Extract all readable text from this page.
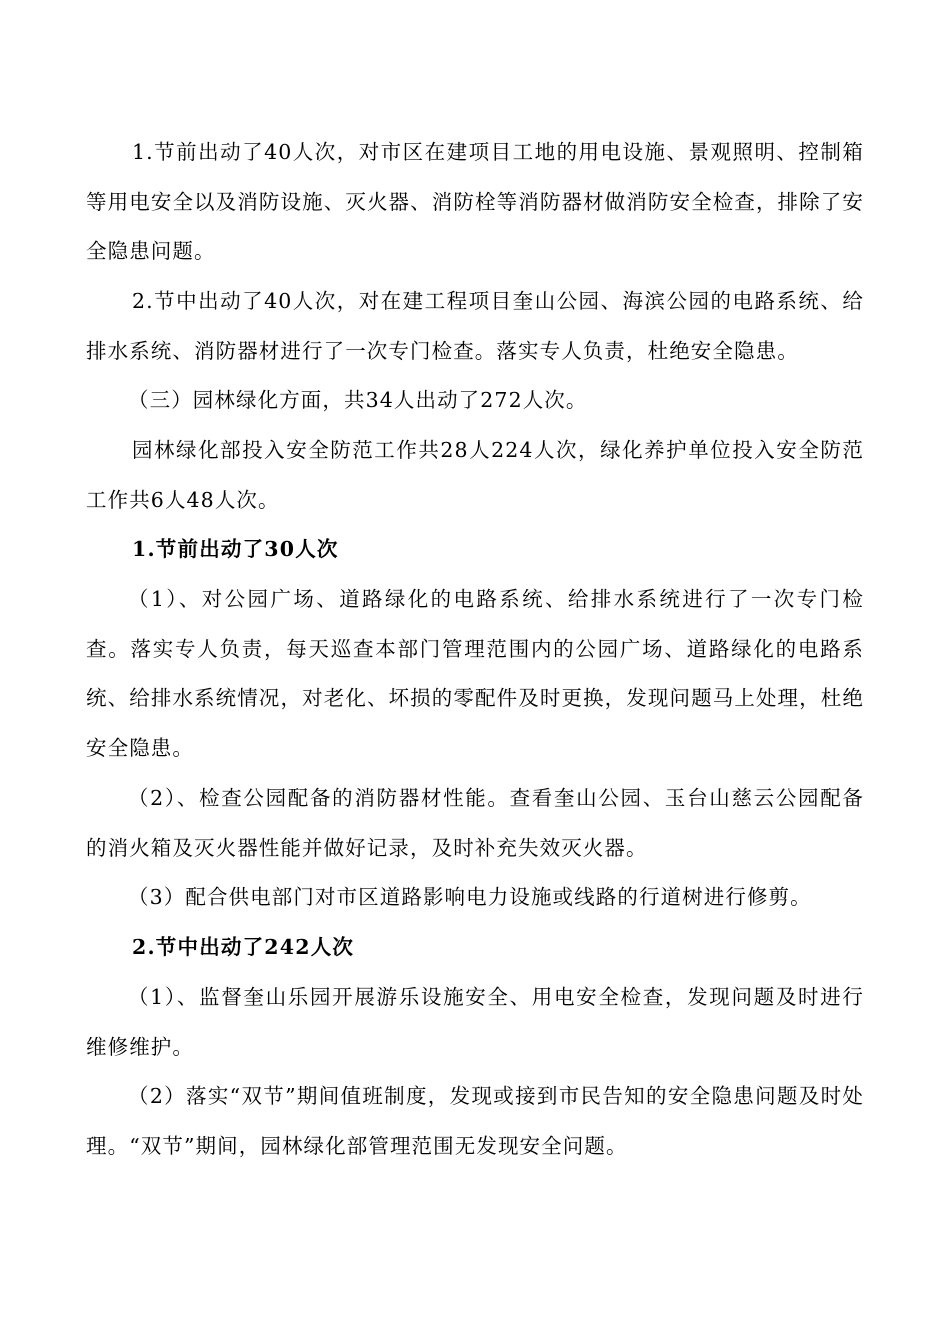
1.节前出动了40人次，对市区在建项目工地的用电设施、景观照明、控制箱等用电安全以及消防设施、灭火器、消防栓等消防器材做消防安全检查，排除了安全隐患问题。

2.节中出动了40人次，对在建工程项目奎山公园、海滨公园的电路系统、给排水系统、消防器材进行了一次专门检查。落实专人负责，杜绝安全隐患。

（三）园林绿化方面，共34人出动了272人次。

园林绿化部投入安全防范工作共28人224人次，绿化养护单位投入安全防范工作共6人48人次。

1.节前出动了30人次

（1）、对公园广场、道路绿化的电路系统、给排水系统进行了一次专门检查。落实专人负责，每天巡查本部门管理范围内的公园广场、道路绿化的电路系统、给排水系统情况，对老化、坏损的零配件及时更换，发现问题马上处理，杜绝安全隐患。

（2）、检查公园配备的消防器材性能。查看奎山公园、玉台山慈云公园配备的消火箱及灭火器性能并做好记录，及时补充失效灭火器。

（3）配合供电部门对市区道路影响电力设施或线路的行道树进行修剪。

2.节中出动了242人次

（1）、监督奎山乐园开展游乐设施安全、用电安全检查，发现问题及时进行维修维护。

（2）落实“双节”期间值班制度，发现或接到市民告知的安全隐患问题及时处理。“双节”期间，园林绿化部管理范围无发现安全问题。
